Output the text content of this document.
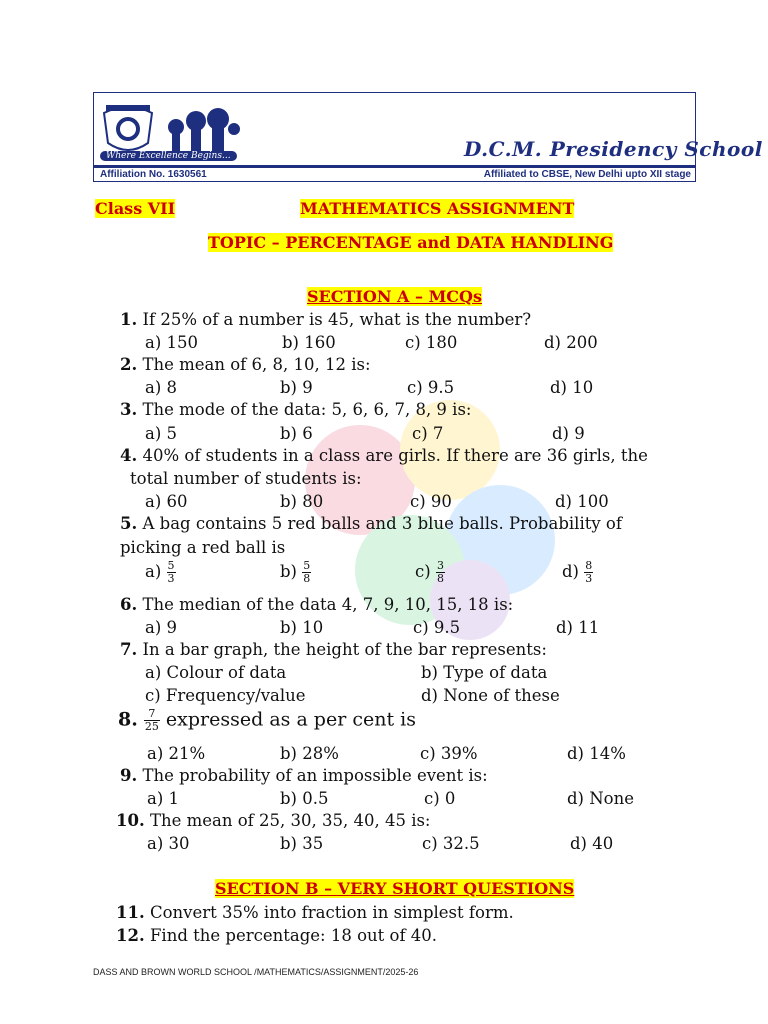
Where Excellence Begins...	D.C.M. Presidency School
Affiliation No. 1630561	Affiliated to CBSE, New Delhi upto XII stage
Class VII	MATHEMATICS ASSIGNMENT
TOPIC – PERCENTAGE and DATA HANDLING
SECTION A – MCQs
1. If 25% of a number is 45, what is the number?
a) 150	b) 160	c) 180	d) 200
2. The mean of 6, 8, 10, 12 is:
a) 8	b) 9	c) 9.5	d) 10
3. The mode of the data: 5, 6, 6, 7, 8, 9 is:
a) 5	b) 6	c) 7	d) 9
4. 40% of students in a class are girls. If there are 36 girls, the
total number of students is:
a) 60	b) 80	c) 90	d) 100
5. A bag contains 5 red balls and 3 blue balls. Probability of
picking a red ball is
$a) \frac{5}{3}$	$b) \frac{5}{8}$	$c) \frac{3}{8}$	$d) \frac{8}{3}$
6. The median of the data 4, 7, 9, 10, 15, 18 is:
a) 9	b) 10	c) 9.5	d) 11
7. In a bar graph, the height of the bar represents:
a) Colour of data	b) Type of data
c) Frequency/value	d) None of these
8. $\frac{7}{25}$ expressed as a per cent is
a) 21%	b) 28%	c) 39%	d) 14%
9. The probability of an impossible event is:
a) 1	b) 0.5	c) 0	d) None
10. The mean of 25, 30, 35, 40, 45 is:
a) 30	b) 35	c) 32.5	d) 40
SECTION B – VERY SHORT QUESTIONS
11. Convert 35% into fraction in simplest form.
12. Find the percentage: 18 out of 40.
DASS AND BROWN WORLD SCHOOL /MATHEMATICS/ASSIGNMENT/2025-26
